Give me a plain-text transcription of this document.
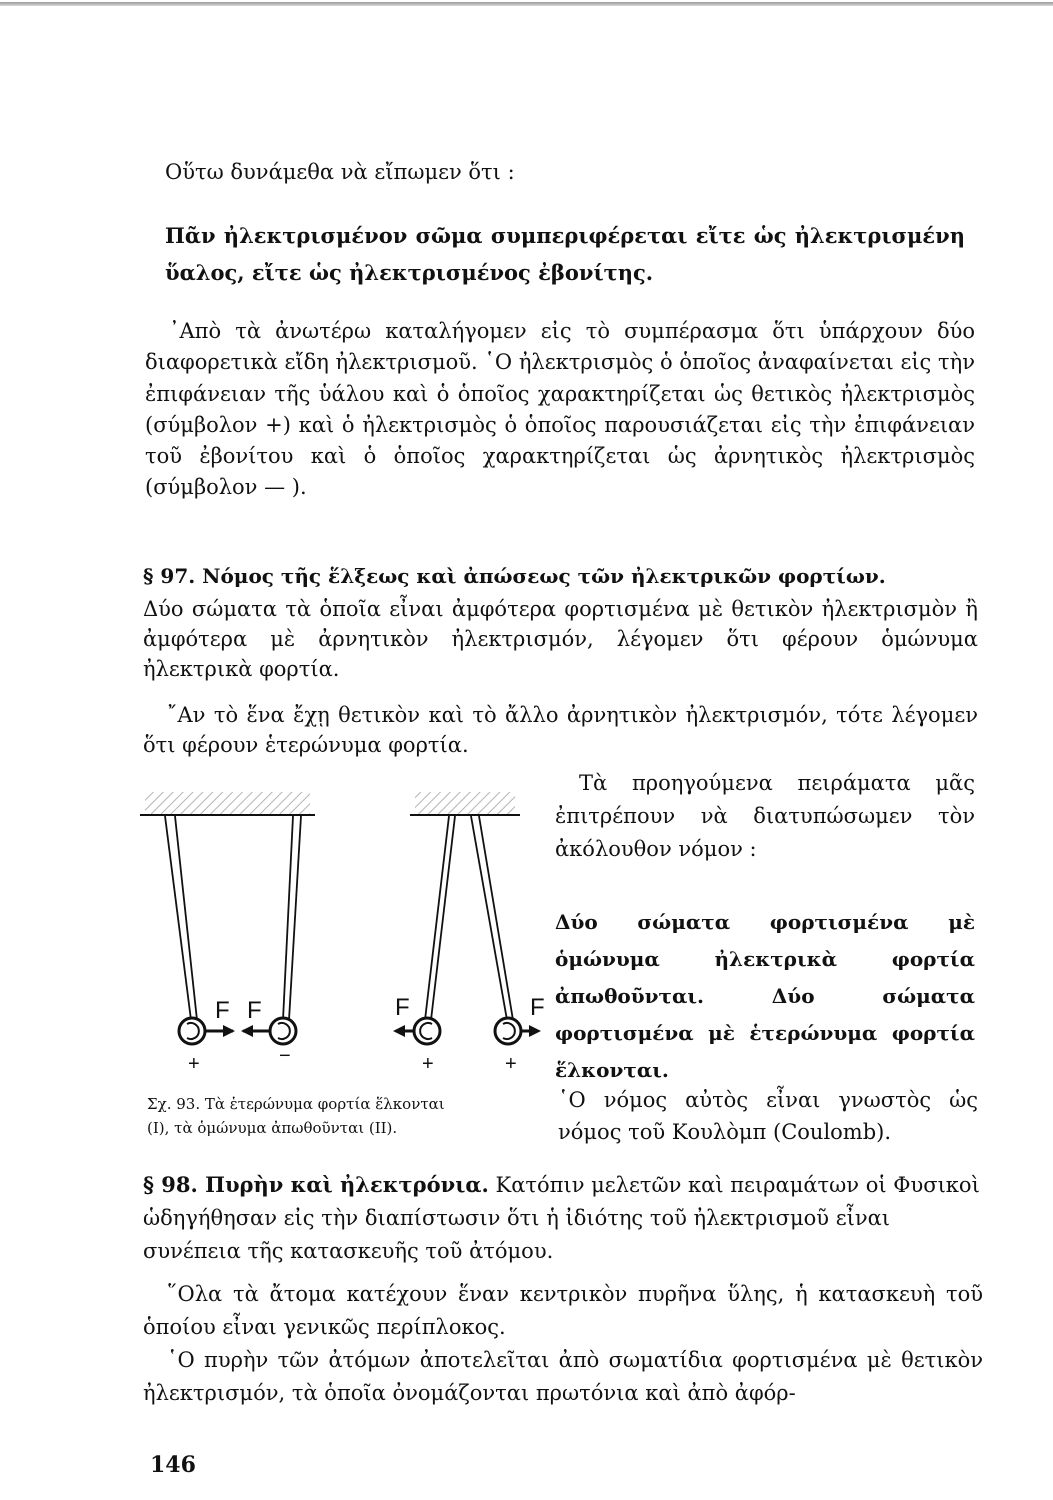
Οὕτω δυνάμεθα νὰ εἴπωμεν ὅτι :

Πᾶν ἠλεκτρισμένον σῶμα συμπεριφέρεται εἴτε ὡς ἠλεκτρισμένη ὕαλος, εἴτε ὡς ἠλεκτρισμένος ἐβονίτης.

᾽Απὸ τὰ ἀνωτέρω καταλήγομεν εἰς τὸ συμπέρασμα ὅτι ὑπάρχουν δύο διαφορετικὰ εἴδη ἠλεκτρισμοῦ. ῾Ο ἠλεκτρισμὸς ὁ ὁποῖος ἀναφαίνεται εἰς τὴν ἐπιφάνειαν τῆς ὑάλου καὶ ὁ ὁποῖος χαρακτηρίζεται ὡς θετικὸς ἠλεκτρισμὸς (σύμβολον +) καὶ ὁ ἠλεκτρισμὸς ὁ ὁποῖος παρουσιάζεται εἰς τὴν ἐπιφάνειαν τοῦ ἐβονίτου καὶ ὁ ὁποῖος χαρακτηρίζεται ὡς ἀρνητικὸς ἠλεκτρισμὸς (σύμβολον — ).

§ 97. Νόμος τῆς ἕλξεως καὶ ἀπώσεως τῶν ἠλεκτρικῶν φορτίων.

Δύο σώματα τὰ ὁποῖα εἶναι ἀμφότερα φορτισμένα μὲ θετικὸν ἠλεκτρισμὸν ἢ ἀμφότερα μὲ ἀρνητικὸν ἠλεκτρισμόν, λέγομεν ὅτι φέρουν ὁμώνυμα ἠλεκτρικὰ φορτία.

῎Αν τὸ ἕνα ἔχῃ θετικὸν καὶ τὸ ἄλλο ἀρνητικὸν ἠλεκτρισμόν, τότε λέγομεν ὅτι φέρουν ἑτερώνυμα φορτία.

F F
+	−
F	F
+	+

Τὰ προηγούμενα πειράματα μᾶς ἐπιτρέπουν νὰ διατυπώσωμεν τὸν ἀκόλουθον νόμον :

Δύο σώματα φορτισμένα μὲ ὁμώνυμα ἠλεκτρικὰ φορτία ἀπωθοῦνται. Δύο σώματα φορτισμένα μὲ ἑτερώνυμα φορτία ἕλκονται.

῾Ο νόμος αὐτὸς εἶναι γνωστὸς ὡς νόμος τοῦ Κουλὸμπ (Coulomb).

Σχ. 93. Τὰ ἑτερώνυμα φορτία ἕλκονται
(I), τὰ ὁμώνυμα ἀπωθοῦνται (II).

§ 98. Πυρὴν καὶ ἠλεκτρόνια. Κατόπιν μελετῶν καὶ πειραμάτων οἱ Φυσικοὶ ὡδηγήθησαν εἰς τὴν διαπίστωσιν ὅτι ἡ ἰδιότης τοῦ ἠλεκτρισμοῦ εἶναι συνέπεια τῆς κατασκευῆς τοῦ ἀτόμου.

῞Ολα τὰ ἄτομα κατέχουν ἕναν κεντρικὸν πυρῆνα ὕλης, ἡ κατασκευὴ τοῦ ὁποίου εἶναι γενικῶς περίπλοκος.

῾Ο πυρὴν τῶν ἀτόμων ἀποτελεῖται ἀπὸ σωματίδια φορτισμένα μὲ θετικὸν ἠλεκτρισμόν, τὰ ὁποῖα ὀνομάζονται πρωτόνια καὶ ἀπὸ ἀφόρ-

146
